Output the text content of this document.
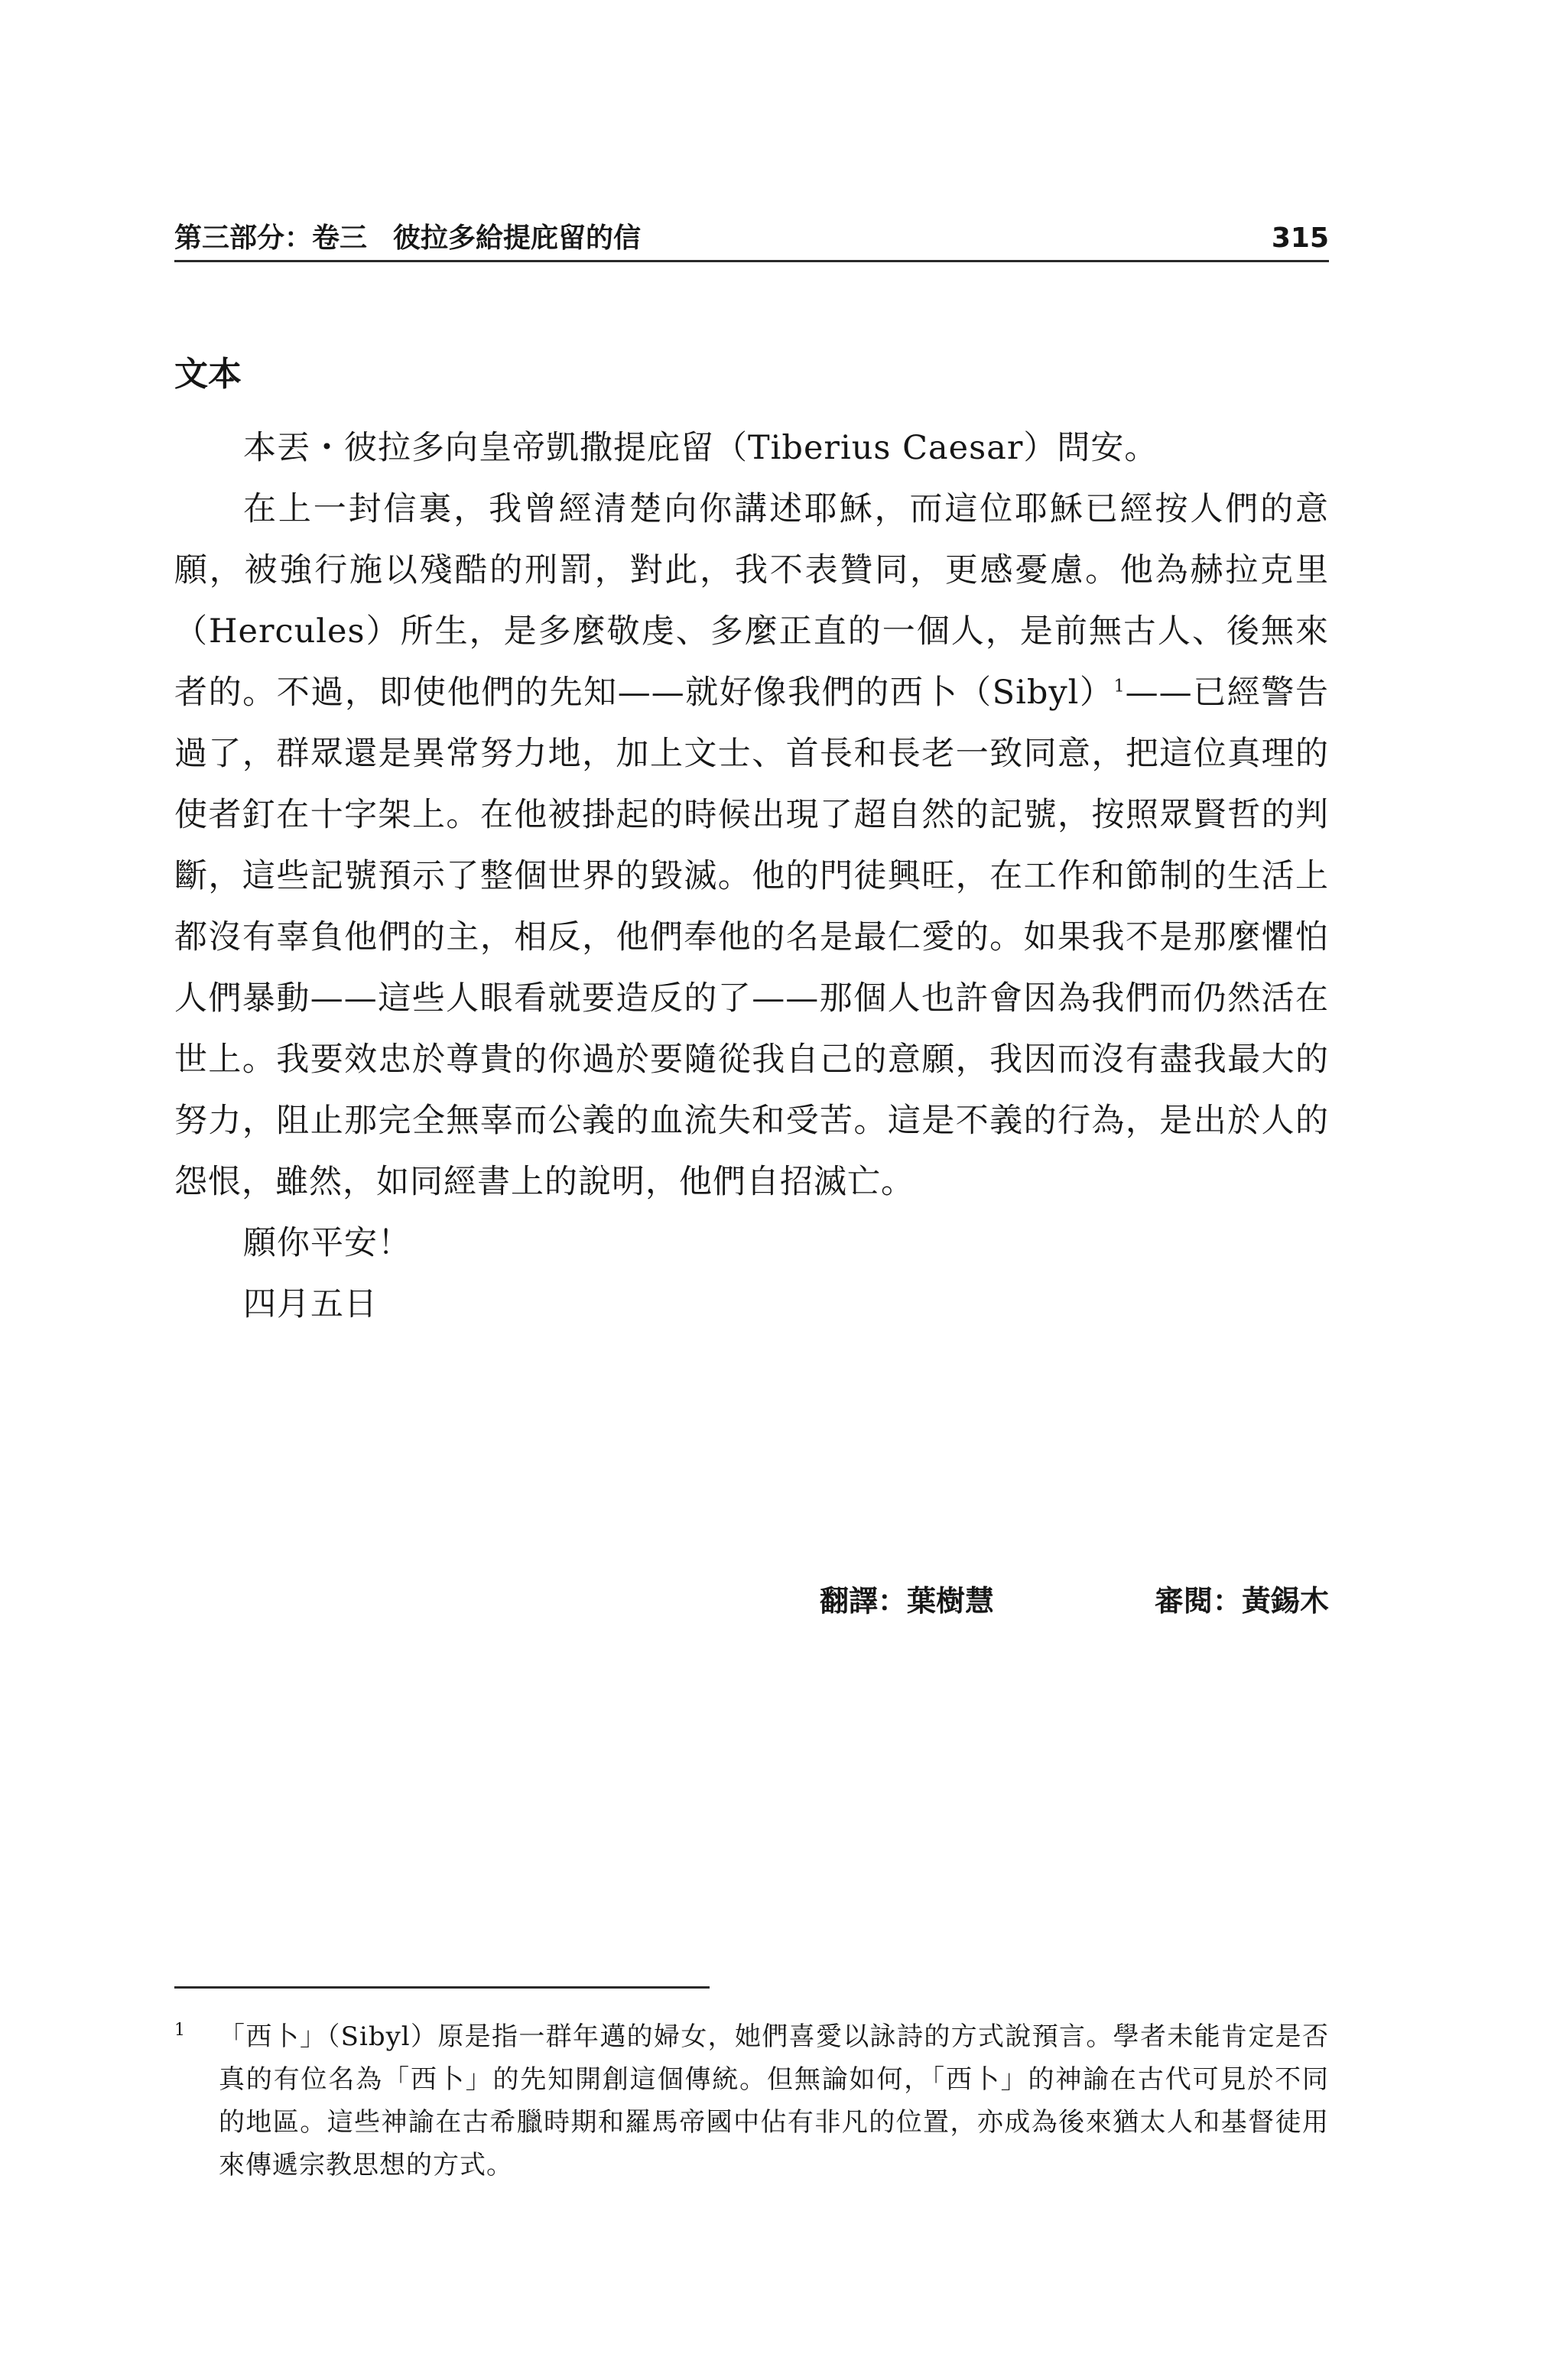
第三部分：卷三 彼拉多給提庇留的信	315
文本

本丟・彼拉多向皇帝凱撒提庇留（Tiberius Caesar）問安。

在上一封信裏，我曾經清楚向你講述耶穌，而這位耶穌已經按人們的意願，被強行施以殘酷的刑罰，對此，我不表贊同，更感憂慮。他為赫拉克里（Hercules）所生，是多麼敬虔、多麼正直的一個人，是前無古人、後無來者的。不過，即使他們的先知——就好像我們的西卜（Sibyl）$^1$——已經警告過了，群眾還是異常努力地，加上文士、首長和長老一致同意，把這位真理的使者釘在十字架上。在他被掛起的時候出現了超自然的記號，按照眾賢哲的判斷，這些記號預示了整個世界的毀滅。他的門徒興旺，在工作和節制的生活上都沒有辜負他們的主，相反，他們奉他的名是最仁愛的。如果我不是那麼懼怕人們暴動——這些人眼看就要造反的了——那個人也許會因為我們而仍然活在世上。我要效忠於尊貴的你過於要隨從我自己的意願，我因而沒有盡我最大的努力，阻止那完全無辜而公義的血流失和受苦。這是不義的行為，是出於人的怨恨，雖然，如同經書上的說明，他們自招滅亡。

願你平安！

四月五日

翻譯：葉樹慧	審閱：黃錫木
1 「西卜」（Sibyl）原是指一群年邁的婦女，她們喜愛以詠詩的方式說預言。學者未能肯定是否真的有位名為「西卜」的先知開創這個傳統。但無論如何，「西卜」的神諭在古代可見於不同的地區。這些神諭在古希臘時期和羅馬帝國中佔有非凡的位置，亦成為後來猶太人和基督徒用來傳遞宗教思想的方式。
